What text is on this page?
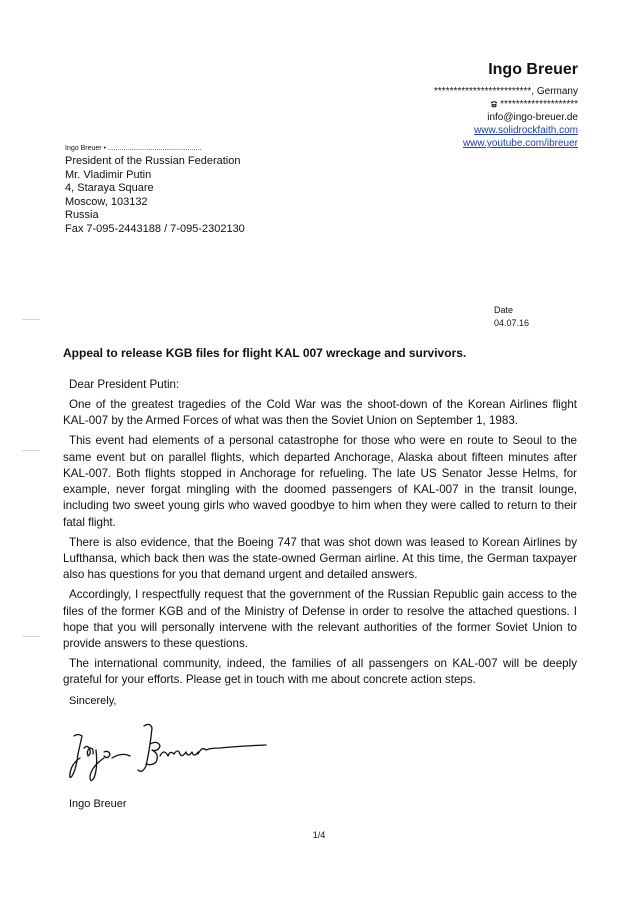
Ingo Breuer
*************************, Germany
********************
info@ingo-breuer.de
www.solidrockfaith.com
www.youtube.com/ibreuer
Ingo Breuer • ................................................
President of the Russian Federation
Mr. Vladimir Putin
4, Staraya Square
Moscow, 103132
Russia
Fax 7-095-2443188 / 7-095-2302130
Date
04.07.16
Appeal to release KGB files for flight KAL 007 wreckage and survivors.

Dear President Putin:

One of the greatest tragedies of the Cold War was the shoot-down of the Korean Airlines flight KAL-007 by the Armed Forces of what was then the Soviet Union on September 1, 1983.

This event had elements of a personal catastrophe for those who were en route to Seoul to the same event but on parallel flights, which departed Anchorage, Alaska about fifteen minutes after KAL-007. Both flights stopped in Anchorage for refueling. The late US Senator Jesse Helms, for example, never forgat mingling with the doomed passengers of KAL-007 in the transit lounge, including two sweet young girls who waved goodbye to him when they were called to return to their fatal flight.

There is also evidence, that the Boeing 747 that was shot down was leased to Korean Airlines by Lufthansa, which back then was the state-owned German airline. At this time, the German taxpayer also has questions for you that demand urgent and detailed answers.

Accordingly, I respectfully request that the government of the Russian Republic gain access to the files of the former KGB and of the Ministry of Defense in order to resolve the attached questions. I hope that you will personally intervene with the relevant authorities of the former Soviet Union to provide answers to these questions.

The international community, indeed, the families of all passengers on KAL-007 will be deeply grateful for your efforts. Please get in touch with me about concrete action steps.

Sincerely,
Ingo Breuer
1/4
